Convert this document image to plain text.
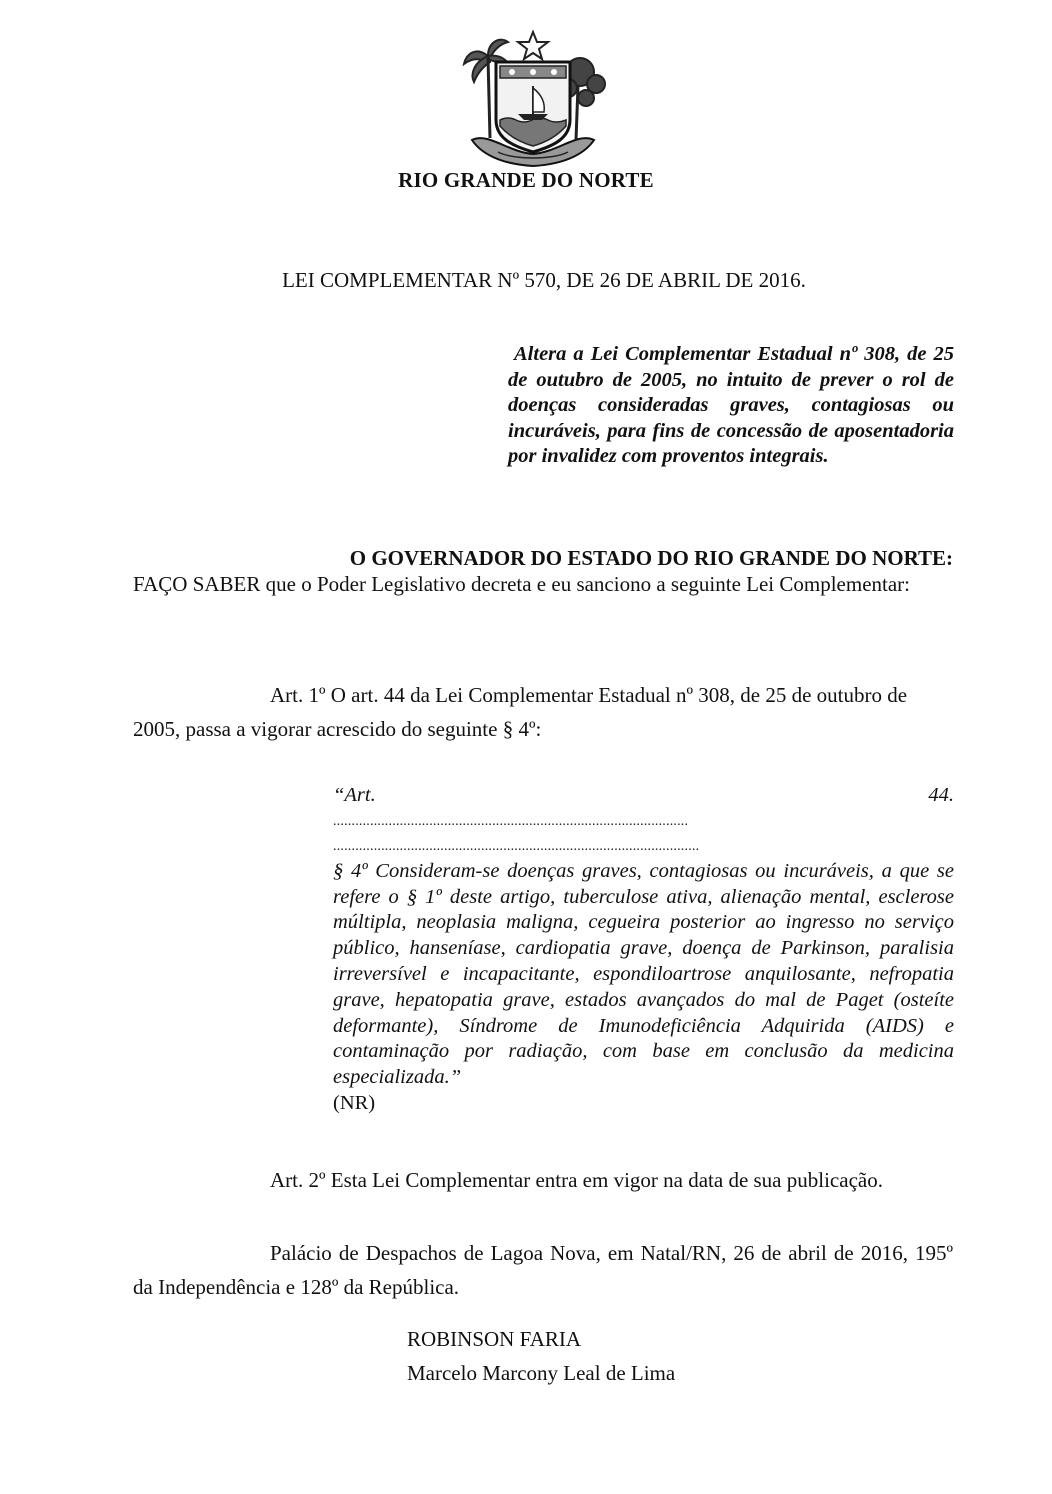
RIO GRANDE DO NORTE
LEI COMPLEMENTAR Nº 570, DE 26 DE ABRIL DE 2016.
Altera a Lei Complementar Estadual nº 308, de 25 de outubro de 2005, no intuito de prever o rol de doenças consideradas graves, contagiosas ou incuráveis, para fins de concessão de aposentadoria por invalidez com proventos integrais.
O GOVERNADOR DO ESTADO DO RIO GRANDE DO NORTE:
FAÇO SABER que o Poder Legislativo decreta e eu sanciono a seguinte Lei Complementar:
Art. 1º O art. 44 da Lei Complementar Estadual nº 308, de 25 de outubro de 2005, passa a vigorar acrescido do seguinte § 4º:
“Art.	44.
................................................................................................
...................................................................................................
§ 4º Consideram-se doenças graves, contagiosas ou incuráveis, a que se refere o § 1º deste artigo, tuberculose ativa, alienação mental, esclerose múltipla, neoplasia maligna, cegueira posterior ao ingresso no serviço público, hanseníase, cardiopatia grave, doença de Parkinson, paralisia irreversível e incapacitante, espondiloartrose anquilosante, nefropatia grave, hepatopatia grave, estados avançados do mal de Paget (osteíte deformante), Síndrome de Imunodeficiência Adquirida (AIDS) e contaminação por radiação, com base em conclusão da medicina especializada.”
(NR)
Art. 2º Esta Lei Complementar entra em vigor na data de sua publicação.
Palácio de Despachos de Lagoa Nova, em Natal/RN, 26 de abril de 2016, 195º da Independência e 128º da República.
ROBINSON FARIA
Marcelo Marcony Leal de Lima
